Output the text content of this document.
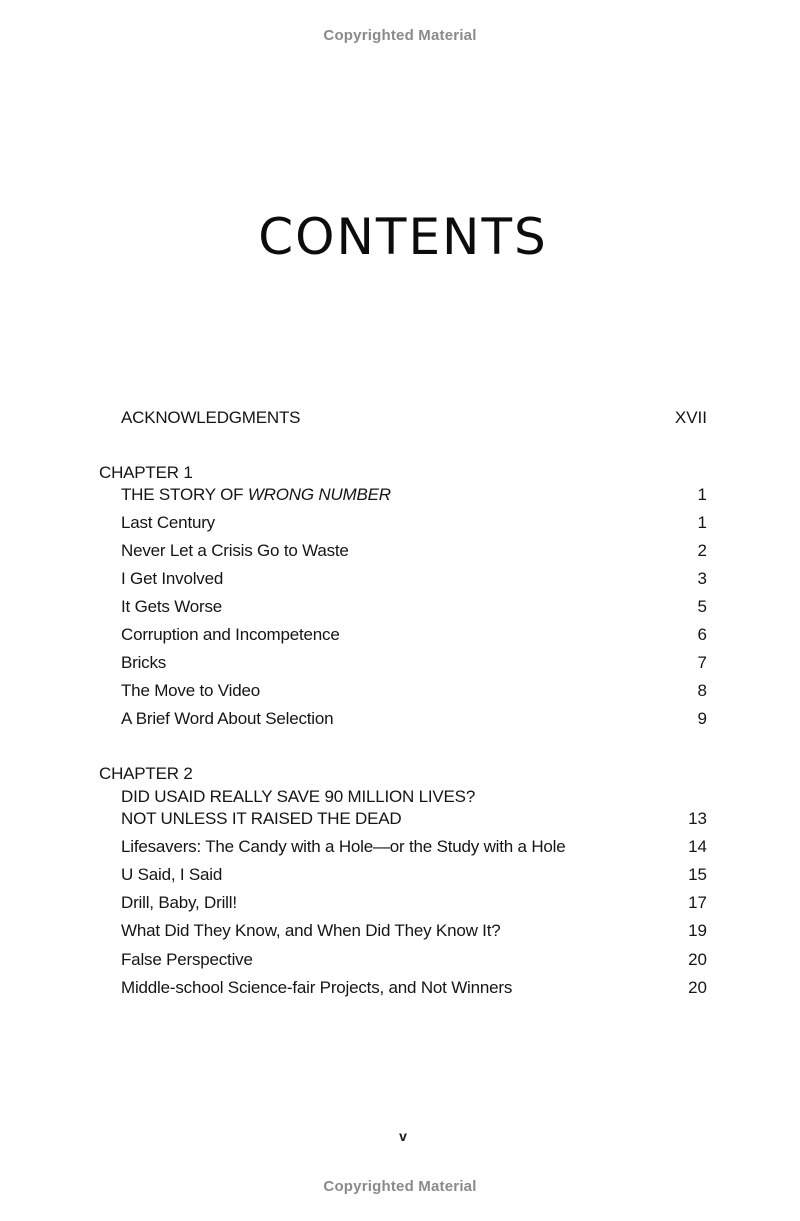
Copyrighted Material
CONTENTS
ACKNOWLEDGMENTS	XVII
CHAPTER 1
THE STORY OF WRONG NUMBER	1
Last Century	1
Never Let a Crisis Go to Waste	2
I Get Involved	3
It Gets Worse	5
Corruption and Incompetence	6
Bricks	7
The Move to Video	8
A Brief Word About Selection	9
CHAPTER 2
DID USAID REALLY SAVE 90 MILLION LIVES?
NOT UNLESS IT RAISED THE DEAD	13
Lifesavers: The Candy with a Hole—or the Study with a Hole	14
U Said, I Said	15
Drill, Baby, Drill!	17
What Did They Know, and When Did They Know It?	19
False Perspective	20
Middle-school Science-fair Projects, and Not Winners	20
v
Copyrighted Material
